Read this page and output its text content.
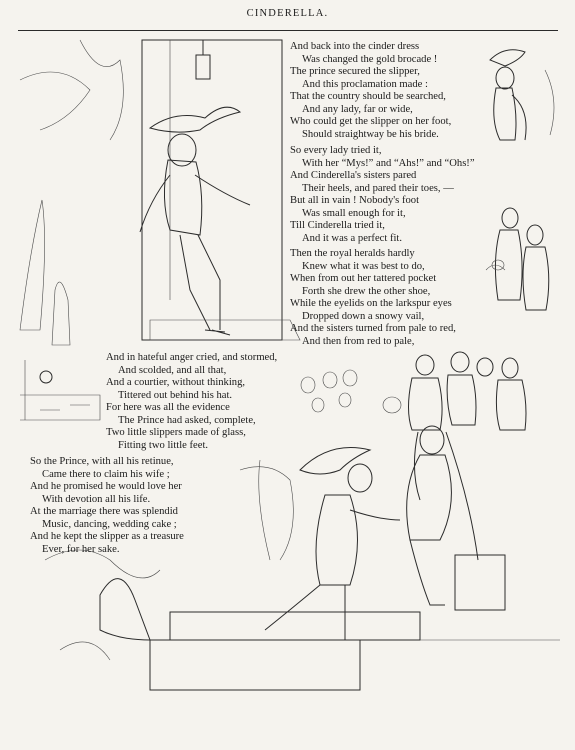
CINDERELLA.
And back into the cinder dress
Was changed the gold brocade !
The prince secured the slipper,
And this proclamation made :
That the country should be searched,
And any lady, far or wide,
Who could get the slipper on her foot,
Should straightway be his bride.
So every lady tried it,
With her “Mys!” and “Ahs!” and “Ohs!”
And Cinderella's sisters pared
Their heels, and pared their toes, —
But all in vain ! Nobody's foot
Was small enough for it,
Till Cinderella tried it,
And it was a perfect fit.
Then the royal heralds hardly
Knew what it was best to do,
When from out her tattered pocket
Forth she drew the other shoe,
While the eyelids on the larkspur eyes
Dropped down a snowy vail,
And the sisters turned from pale to red,
And then from red to pale,
And in hateful anger cried, and stormed,
And scolded, and all that,
And a courtier, without thinking,
Tittered out behind his hat.
For here was all the evidence
The Prince had asked, complete,
Two little slippers made of glass,
Fitting two little feet.
So the Prince, with all his retinue,
Came there to claim his wife ;
And he promised he would love her
With devotion all his life.
At the marriage there was splendid
Music, dancing, wedding cake ;
And he kept the slipper as a treasure
Ever, for her sake.
